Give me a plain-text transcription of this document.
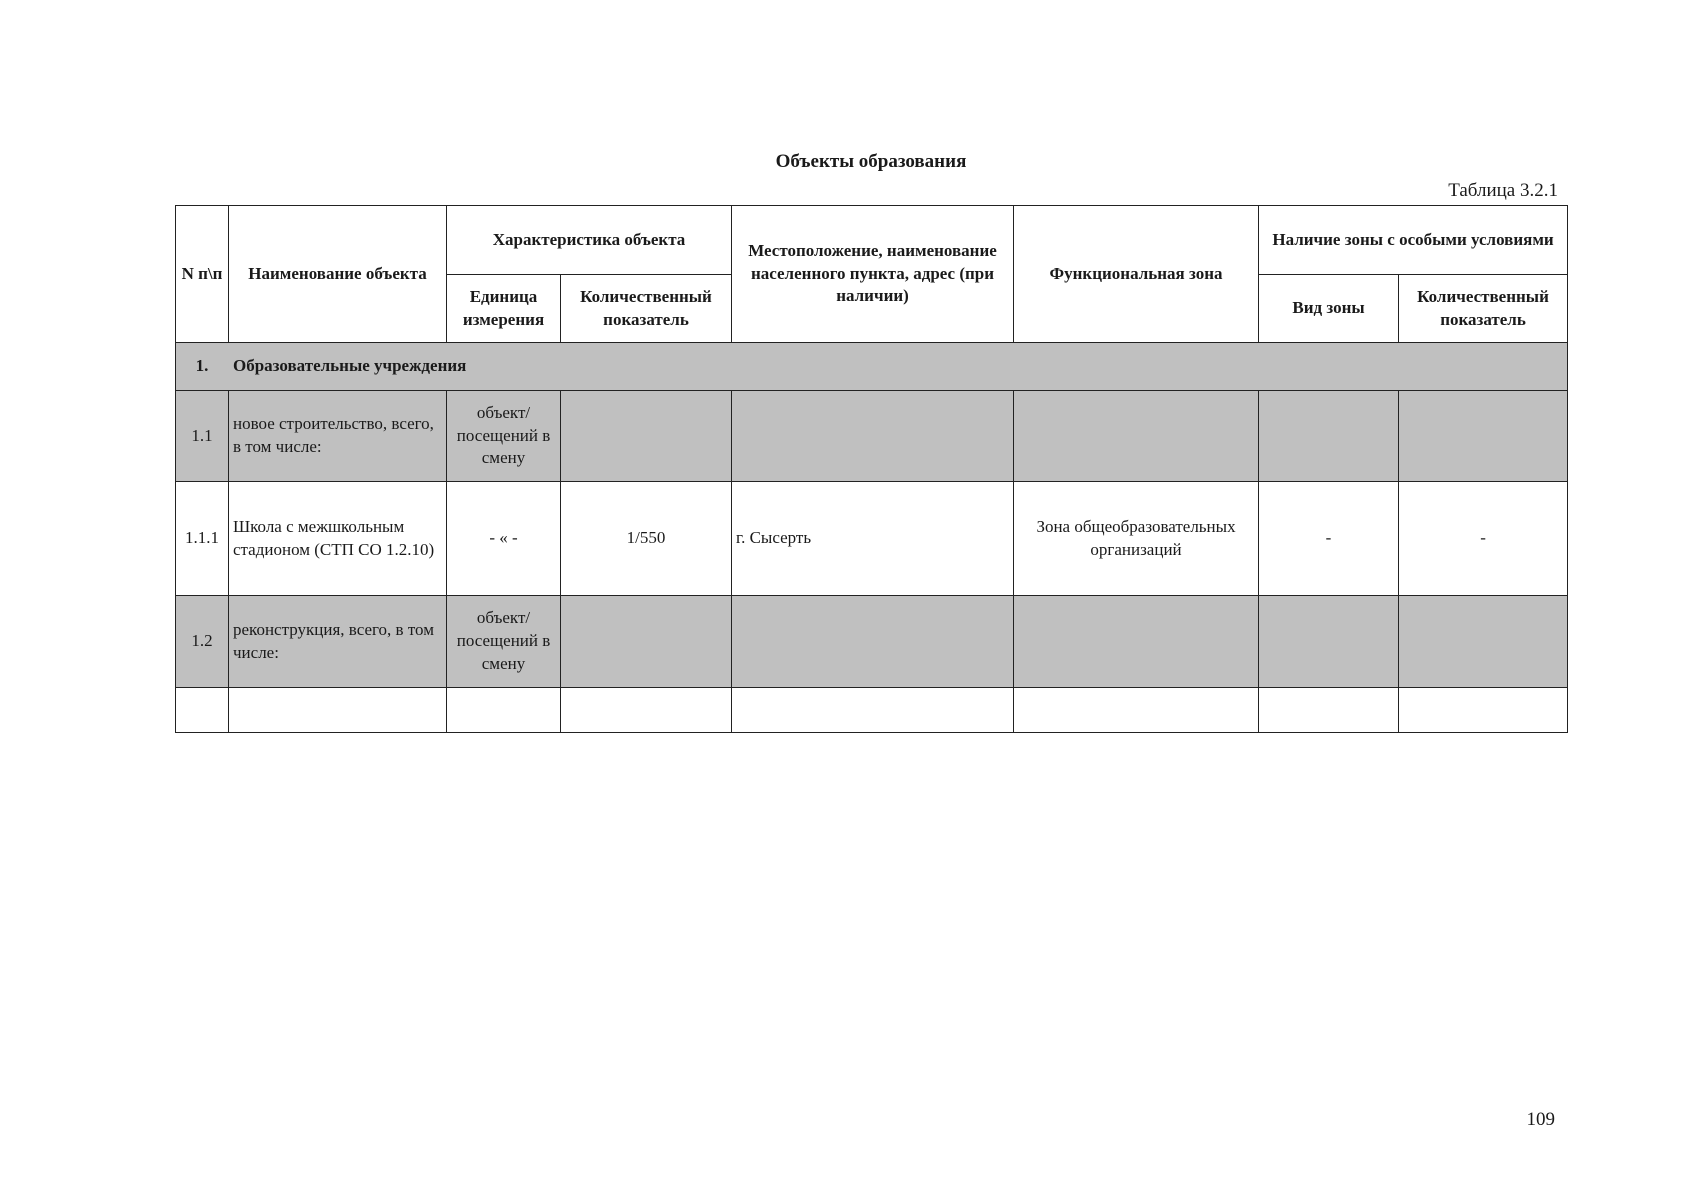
Объекты образования
Таблица 3.2.1
N п\п	Наименование объекта	Характеристика объекта		Местоположение, наименование населенного пункта, адрес (при наличии)	Функциональная зона	Наличие зоны с особыми условиями	
		Единица измерения	Количественный показатель			Вид зоны	Количественный показатель
1.	Образовательные учреждения						
1.1	новое строительство, всего, в том числе:	объект/ посещений в смену					
1.1.1	Школа с межшкольным стадионом (СТП СО 1.2.10)	- « -	1/550	г. Сысерть	Зона общеобразовательных организаций	-	-
1.2	реконструкция, всего, в том числе:	объект/ посещений в смену					

109
